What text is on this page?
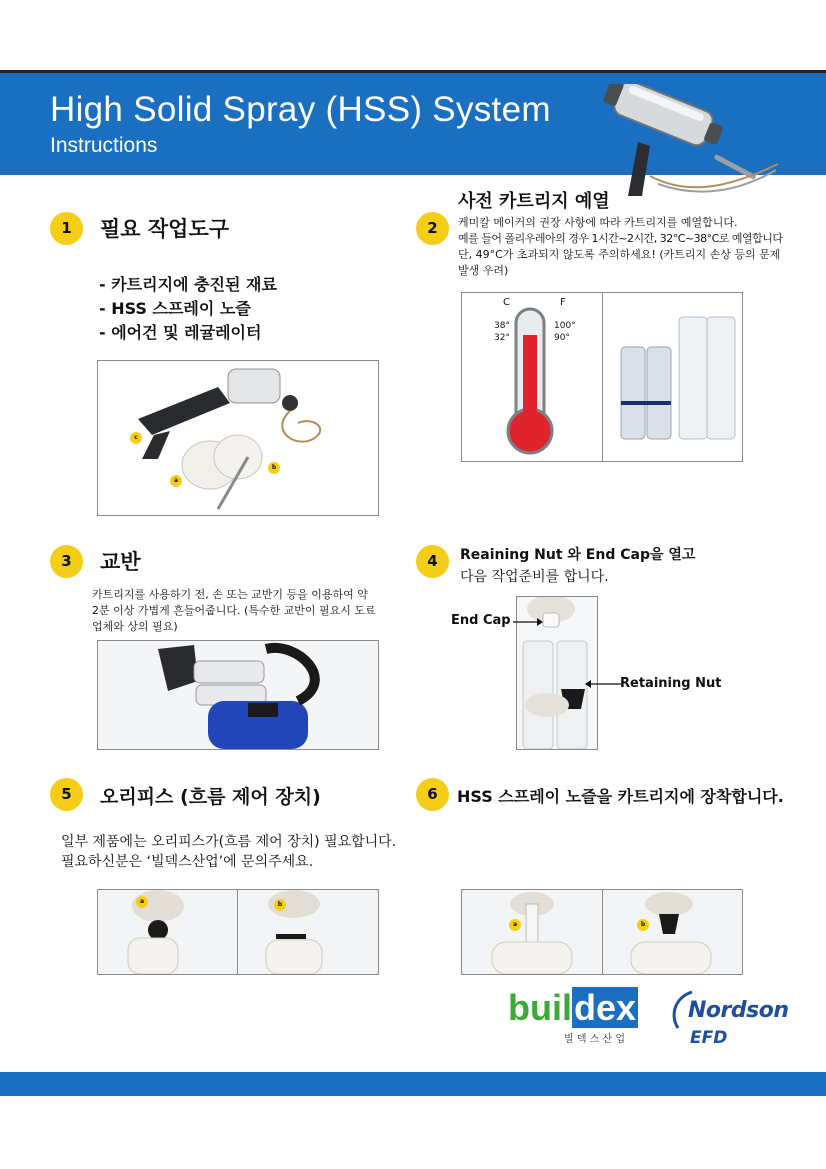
High Solid Spray (HSS) System
Instructions
1	필요 작업도구
- 카트리지에 충진된 재료
- HSS 스프레이 노즐
- 에어건 및 레귤레이터
c
a
b
사전 카트리지 예열
2	케미칼 메이커의 권장 사항에 따라 카트리지를 예열합니다.
예를 들어 폴리우레아의 경우 1시간~2시간, 32°C~38°C로 예열합니다
단, 49°C가 초과되지 않도록 주의하세요! (카트리지 손상 등의 문제
발생 우려)
C	F
38°
32°
100°
90°
3	교반
카트리지를 사용하기 전, 손 또는 교반기 등을 이용하여 약
2분 이상 가볍게 흔들어줍니다. (특수한 교반이 필요시 도료
업체와 상의 필요)
4	Reaining Nut 와 End Cap을 열고
다음 작업준비를 합니다.
End Cap
Retaining Nut
5	오리피스 (흐름 제어 장치)
일부 제품에는 오리피스가(흐름 제어 장치) 필요합니다.
필요하신분은 ‘빌덱스산업’에 문의주세요.
a	b
6	HSS 스프레이 노즐을 카트리지에 장착합니다.
a	b
buildex
빌 덱 스 산 업
Nordson
EFD
